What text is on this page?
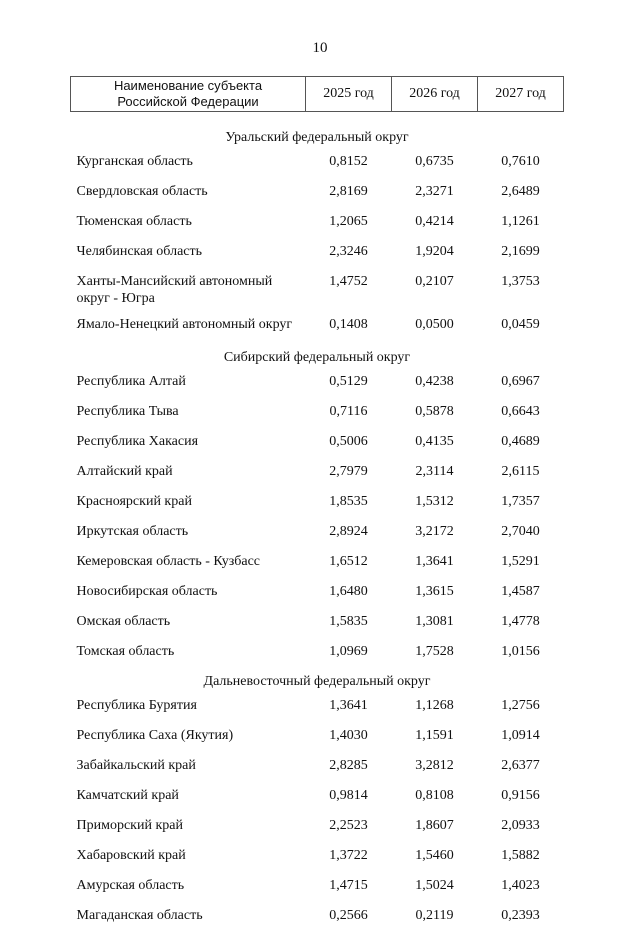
10
Наименование субъекта
Российской Федерации	2025 год	2026 год	2027 год

Уральский федеральный округ			
Курганская область	0,8152	0,6735	0,7610
Свердловская область	2,8169	2,3271	2,6489
Тюменская область	1,2065	0,4214	1,1261
Челябинская область	2,3246	1,9204	2,1699
Ханты-Мансийский автономный округ - Югра	1,4752	0,2107	1,3753
Ямало-Ненецкий автономный округ	0,1408	0,0500	0,0459
Сибирский федеральный округ			
Республика Алтай	0,5129	0,4238	0,6967
Республика Тыва	0,7116	0,5878	0,6643
Республика Хакасия	0,5006	0,4135	0,4689
Алтайский край	2,7979	2,3114	2,6115
Красноярский край	1,8535	1,5312	1,7357
Иркутская область	2,8924	3,2172	2,7040
Кемеровская область - Кузбасс	1,6512	1,3641	1,5291
Новосибирская область	1,6480	1,3615	1,4587
Омская область	1,5835	1,3081	1,4778
Томская область	1,0969	1,7528	1,0156
Дальневосточный федеральный округ			
Республика Бурятия	1,3641	1,1268	1,2756
Республика Саха (Якутия)	1,4030	1,1591	1,0914
Забайкальский край	2,8285	3,2812	2,6377
Камчатский край	0,9814	0,8108	0,9156
Приморский край	2,2523	1,8607	2,0933
Хабаровский край	1,3722	1,5460	1,5882
Амурская область	1,4715	1,5024	1,4023
Магаданская область	0,2566	0,2119	0,2393
